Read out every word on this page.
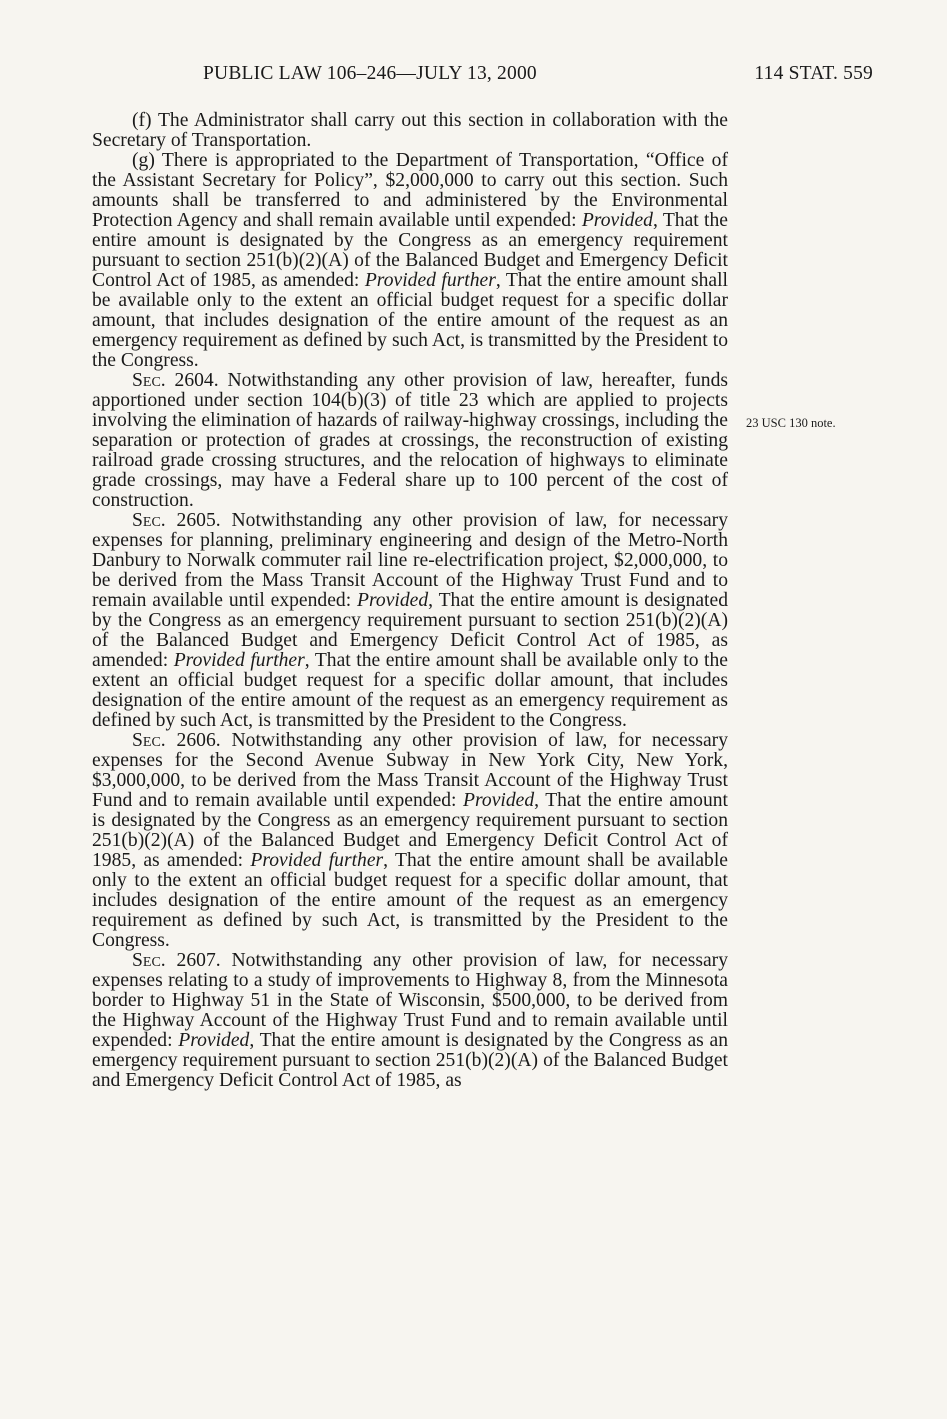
PUBLIC LAW 106–246—JULY 13, 2000	114 STAT. 559

(f) The Administrator shall carry out this section in collaboration with the Secretary of Transportation.

(g) There is appropriated to the Department of Transportation, “Office of the Assistant Secretary for Policy”, $2,000,000 to carry out this section. Such amounts shall be transferred to and administered by the Environmental Protection Agency and shall remain available until expended: Provided, That the entire amount is designated by the Congress as an emergency requirement pursuant to section 251(b)(2)(A) of the Balanced Budget and Emergency Deficit Control Act of 1985, as amended: Provided further, That the entire amount shall be available only to the extent an official budget request for a specific dollar amount, that includes designation of the entire amount of the request as an emergency requirement as defined by such Act, is transmitted by the President to the Congress.

Sec. 2604. Notwithstanding any other provision of law, hereafter, funds apportioned under section 104(b)(3) of title 23 which are applied to projects involving the elimination of hazards of railway-highway crossings, including the separation or protection of grades at crossings, the reconstruction of existing railroad grade crossing structures, and the relocation of highways to eliminate grade crossings, may have a Federal share up to 100 percent of the cost of construction.

Sec. 2605. Notwithstanding any other provision of law, for necessary expenses for planning, preliminary engineering and design of the Metro-North Danbury to Norwalk commuter rail line re-electrification project, $2,000,000, to be derived from the Mass Transit Account of the Highway Trust Fund and to remain available until expended: Provided, That the entire amount is designated by the Congress as an emergency requirement pursuant to section 251(b)(2)(A) of the Balanced Budget and Emergency Deficit Control Act of 1985, as amended: Provided further, That the entire amount shall be available only to the extent an official budget request for a specific dollar amount, that includes designation of the entire amount of the request as an emergency requirement as defined by such Act, is transmitted by the President to the Congress.

Sec. 2606. Notwithstanding any other provision of law, for necessary expenses for the Second Avenue Subway in New York City, New York, $3,000,000, to be derived from the Mass Transit Account of the Highway Trust Fund and to remain available until expended: Provided, That the entire amount is designated by the Congress as an emergency requirement pursuant to section 251(b)(2)(A) of the Balanced Budget and Emergency Deficit Control Act of 1985, as amended: Provided further, That the entire amount shall be available only to the extent an official budget request for a specific dollar amount, that includes designation of the entire amount of the request as an emergency requirement as defined by such Act, is transmitted by the President to the Congress.

Sec. 2607. Notwithstanding any other provision of law, for necessary expenses relating to a study of improvements to Highway 8, from the Minnesota border to Highway 51 in the State of Wisconsin, $500,000, to be derived from the Highway Account of the Highway Trust Fund and to remain available until expended: Provided, That the entire amount is designated by the Congress as an emergency requirement pursuant to section 251(b)(2)(A) of the Balanced Budget and Emergency Deficit Control Act of 1985, as

23 USC 130 note.
